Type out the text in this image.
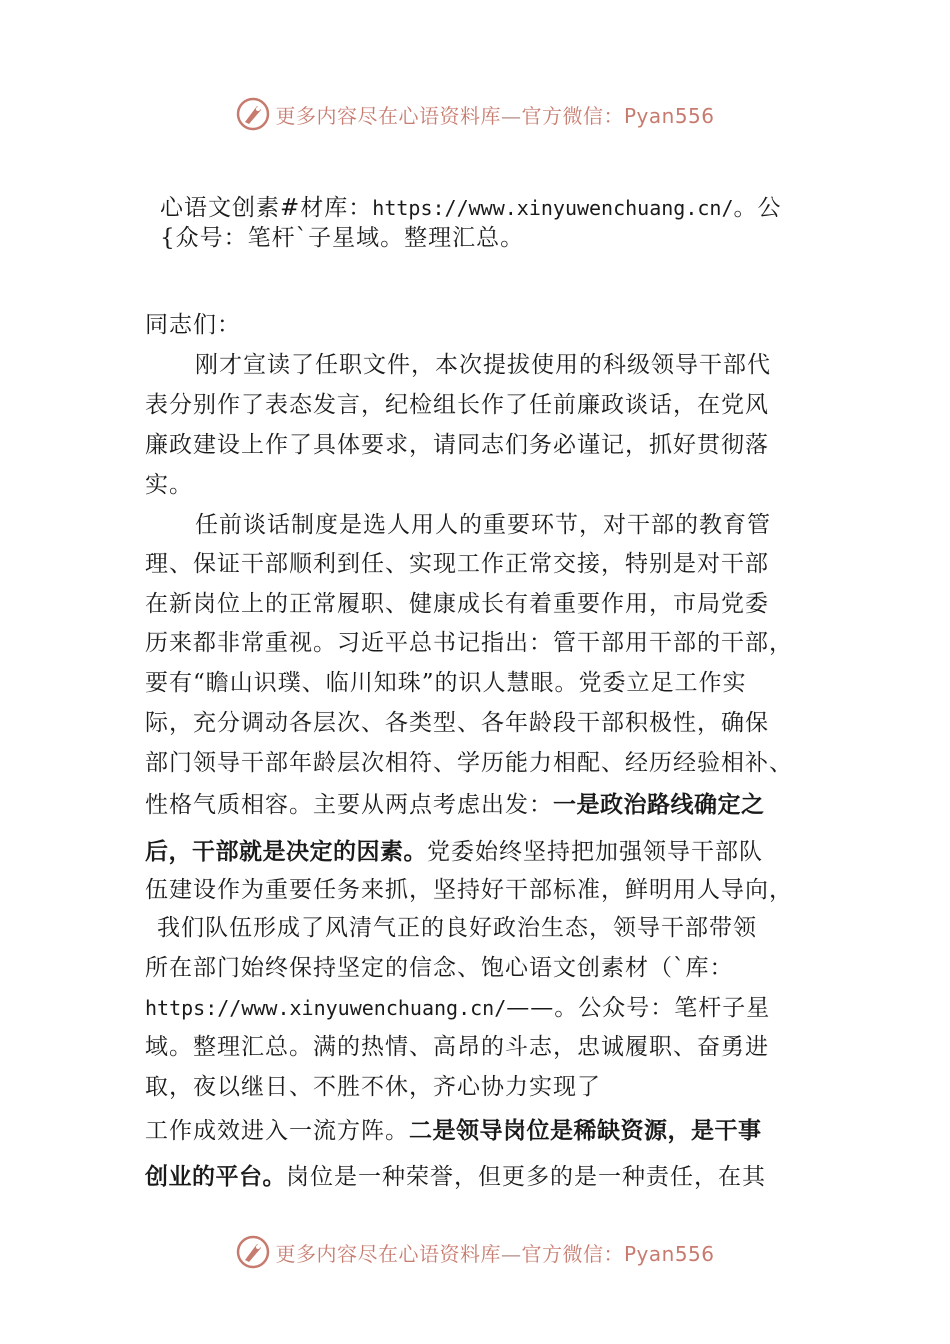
更多内容尽在心语资料库—官方微信：Pyan556
心语文创素#材库：https://www.xinyuwenchuang.cn/。公
{众号：笔杆`子星域。整理汇总。
同志们：
刚才宣读了任职文件，本次提拔使用的科级领导干部代
表分别作了表态发言，纪检组长作了任前廉政谈话，在党风
廉政建设上作了具体要求，请同志们务必谨记，抓好贯彻落
实。
任前谈话制度是选人用人的重要环节，对干部的教育管
理、保证干部顺利到任、实现工作正常交接，特别是对干部
在新岗位上的正常履职、健康成长有着重要作用，市局党委
历来都非常重视。习近平总书记指出：管干部用干部的干部，
要有“瞻山识璞、临川知珠”的识人慧眼。党委立足工作实
际，充分调动各层次、各类型、各年龄段干部积极性，确保
部门领导干部年龄层次相符、学历能力相配、经历经验相补、
性格气质相容。主要从两点考虑出发：一是政治路线确定之
后，干部就是决定的因素。党委始终坚持把加强领导干部队
伍建设作为重要任务来抓，坚持好干部标准，鲜明用人导向，
我们队伍形成了风清气正的良好政治生态，领导干部带领
所在部门始终保持坚定的信念、饱心语文创素材（`库：
https://www.xinyuwenchuang.cn/——。公众号：笔杆子星
域。整理汇总。满的热情、高昂的斗志，忠诚履职、奋勇进
取，夜以继日、不胜不休，齐心协力实现了
工作成效进入一流方阵。二是领导岗位是稀缺资源，是干事
创业的平台。岗位是一种荣誉，但更多的是一种责任，在其
更多内容尽在心语资料库—官方微信：Pyan556
